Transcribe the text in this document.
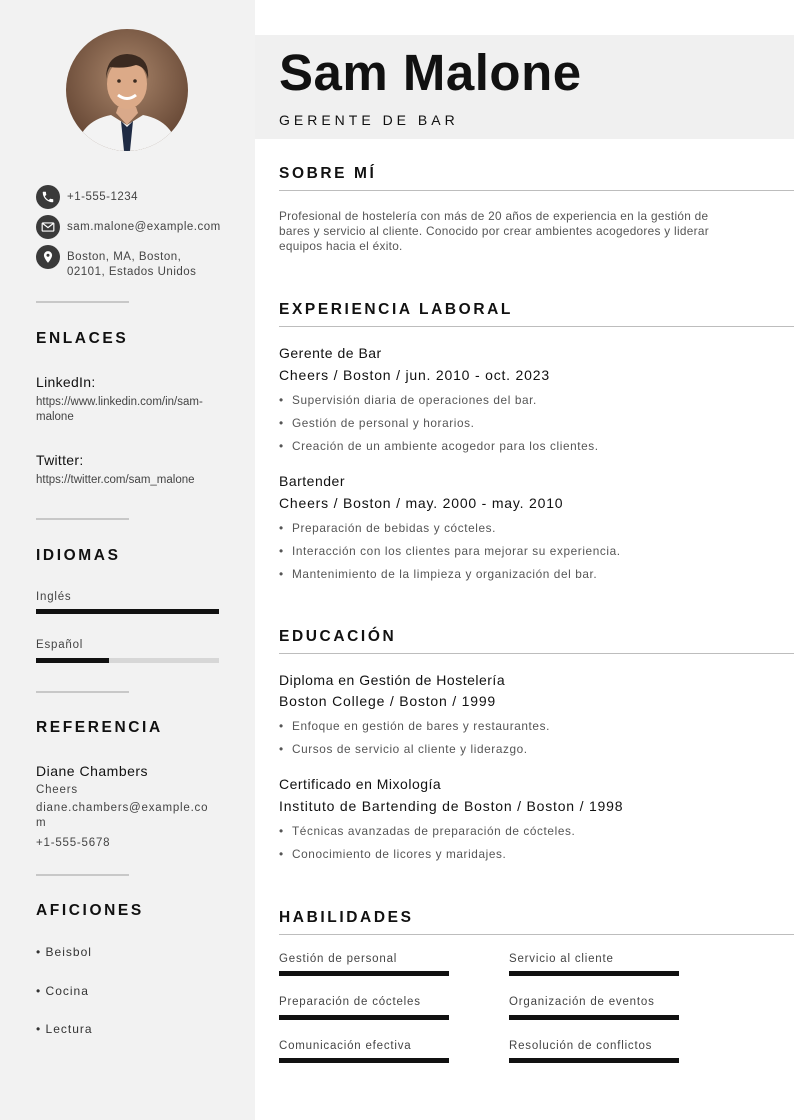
+1-555-1234
sam.malone@example.com
Boston, MA, Boston,
02101, Estados Unidos
ENLACES
LinkedIn:
https://www.linkedin.com/in/sam-malone
Twitter:
https://twitter.com/sam_malone
IDIOMAS
Inglés
Español
REFERENCIA
Diane Chambers
Cheers
diane.chambers@example.com
+1-555-5678
AFICIONES
• Beisbol
• Cocina
• Lectura
Sam Malone
GERENTE DE BAR
SOBRE MÍ
Profesional de hostelería con más de 20 años de experiencia en la gestión de
bares y servicio al cliente. Conocido por crear ambientes acogedores y liderar
equipos hacia el éxito.
EXPERIENCIA LABORAL
Gerente de Bar
Cheers / Boston / jun. 2010 - oct. 2023
• Supervisión diaria de operaciones del bar.
• Gestión de personal y horarios.
• Creación de un ambiente acogedor para los clientes.
Bartender
Cheers / Boston / may. 2000 - may. 2010
• Preparación de bebidas y cócteles.
• Interacción con los clientes para mejorar su experiencia.
• Mantenimiento de la limpieza y organización del bar.
EDUCACIÓN
Diploma en Gestión de Hostelería
Boston College / Boston / 1999
• Enfoque en gestión de bares y restaurantes.
• Cursos de servicio al cliente y liderazgo.
Certificado en Mixología
Instituto de Bartending de Boston / Boston / 1998
• Técnicas avanzadas de preparación de cócteles.
• Conocimiento de licores y maridajes.
HABILIDADES
Gestión de personal	Servicio al cliente
Preparación de cócteles	Organización de eventos
Comunicación efectiva	Resolución de conflictos
